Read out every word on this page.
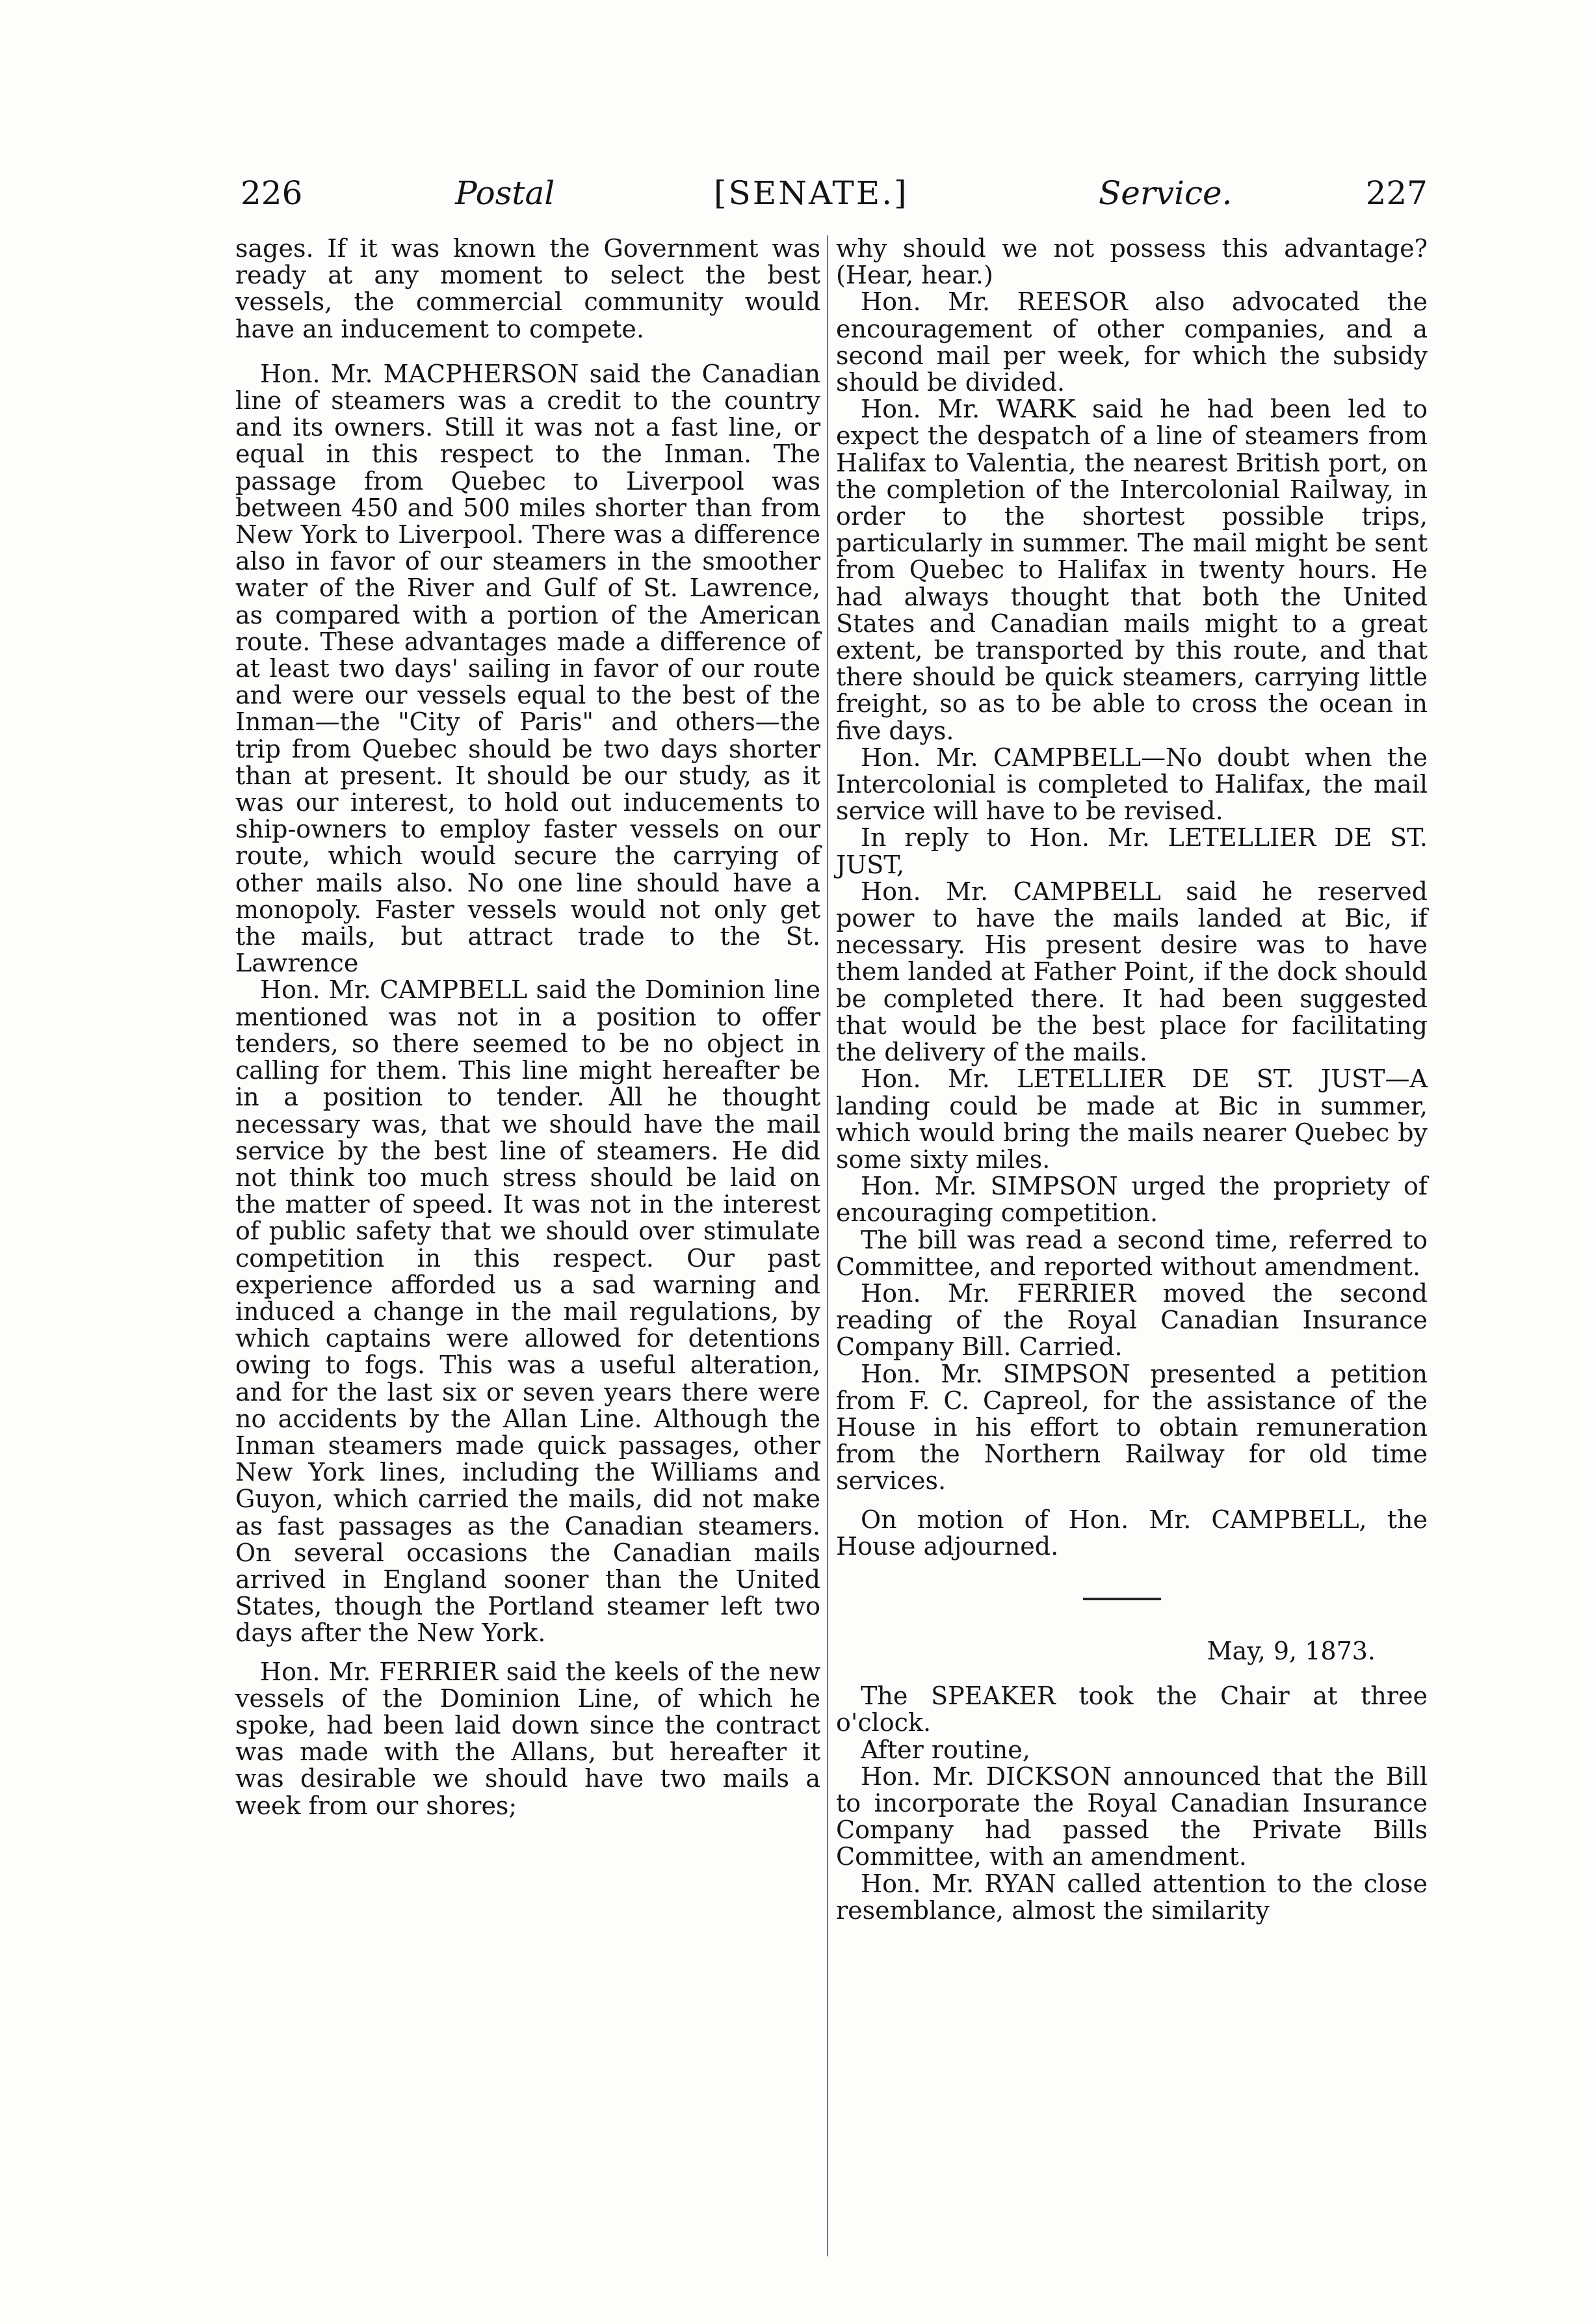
226	Postal	[SENATE.]	Service.	227

sages. If it was known the Government was ready at any moment to select the best vessels, the commercial community would have an inducement to compete.

Hon. Mr. MACPHERSON said the Canadian line of steamers was a credit to the country and its owners. Still it was not a fast line, or equal in this respect to the Inman. The passage from Quebec to Liverpool was between 450 and 500 miles shorter than from New York to Liverpool. There was a difference also in favor of our steamers in the smoother water of the River and Gulf of St. Lawrence, as compared with a portion of the American route. These advantages made a difference of at least two days' sailing in favor of our route and were our vessels equal to the best of the Inman—the "City of Paris" and others—the trip from Quebec should be two days shorter than at present. It should be our study, as it was our interest, to hold out inducements to ship-owners to employ faster vessels on our route, which would secure the carrying of other mails also. No one line should have a monopoly. Faster vessels would not only get the mails, but attract trade to the St. Lawrence

Hon. Mr. CAMPBELL said the Dominion line mentioned was not in a position to offer tenders, so there seemed to be no object in calling for them. This line might hereafter be in a position to tender. All he thought necessary was, that we should have the mail service by the best line of steamers. He did not think too much stress should be laid on the matter of speed. It was not in the interest of public safety that we should over stimulate competition in this respect. Our past experience afforded us a sad warning and induced a change in the mail regulations, by which captains were allowed for detentions owing to fogs. This was a useful alteration, and for the last six or seven years there were no accidents by the Allan Line. Although the Inman steamers made quick passages, other New York lines, including the Williams and Guyon, which carried the mails, did not make as fast passages as the Canadian steamers. On several occasions the Canadian mails arrived in England sooner than the United States, though the Portland steamer left two days after the New York.

Hon. Mr. FERRIER said the keels of the new vessels of the Dominion Line, of which he spoke, had been laid down since the contract was made with the Allans, but hereafter it was desirable we should have two mails a week from our shores;

why should we not possess this advantage? (Hear, hear.)

Hon. Mr. REESOR also advocated the encouragement of other companies, and a second mail per week, for which the subsidy should be divided.

Hon. Mr. WARK said he had been led to expect the despatch of a line of steamers from Halifax to Valentia, the nearest British port, on the completion of the Intercolonial Railway, in order to the shortest possible trips, particularly in summer. The mail might be sent from Quebec to Halifax in twenty hours. He had always thought that both the United States and Canadian mails might to a great extent, be transported by this route, and that there should be quick steamers, carrying little freight, so as to be able to cross the ocean in five days.

Hon. Mr. CAMPBELL—No doubt when the Intercolonial is completed to Halifax, the mail service will have to be revised.

In reply to Hon. Mr. LETELLIER DE ST. JUST,

Hon. Mr. CAMPBELL said he reserved power to have the mails landed at Bic, if necessary. His present desire was to have them landed at Father Point, if the dock should be completed there. It had been suggested that would be the best place for facilitating the delivery of the mails.

Hon. Mr. LETELLIER DE ST. JUST—A landing could be made at Bic in summer, which would bring the mails nearer Quebec by some sixty miles.

Hon. Mr. SIMPSON urged the propriety of encouraging competition.

The bill was read a second time, referred to Committee, and reported without amendment.

Hon. Mr. FERRIER moved the second reading of the Royal Canadian Insurance Company Bill. Carried.

Hon. Mr. SIMPSON presented a petition from F. C. Capreol, for the assistance of the House in his effort to obtain remuneration from the Northern Railway for old time services.

On motion of Hon. Mr. CAMPBELL, the House adjourned.

May, 9, 1873.

The SPEAKER took the Chair at three o'clock.

After routine,

Hon. Mr. DICKSON announced that the Bill to incorporate the Royal Canadian Insurance Company had passed the Private Bills Committee, with an amendment.

Hon. Mr. RYAN called attention to the close resemblance, almost the similarity
